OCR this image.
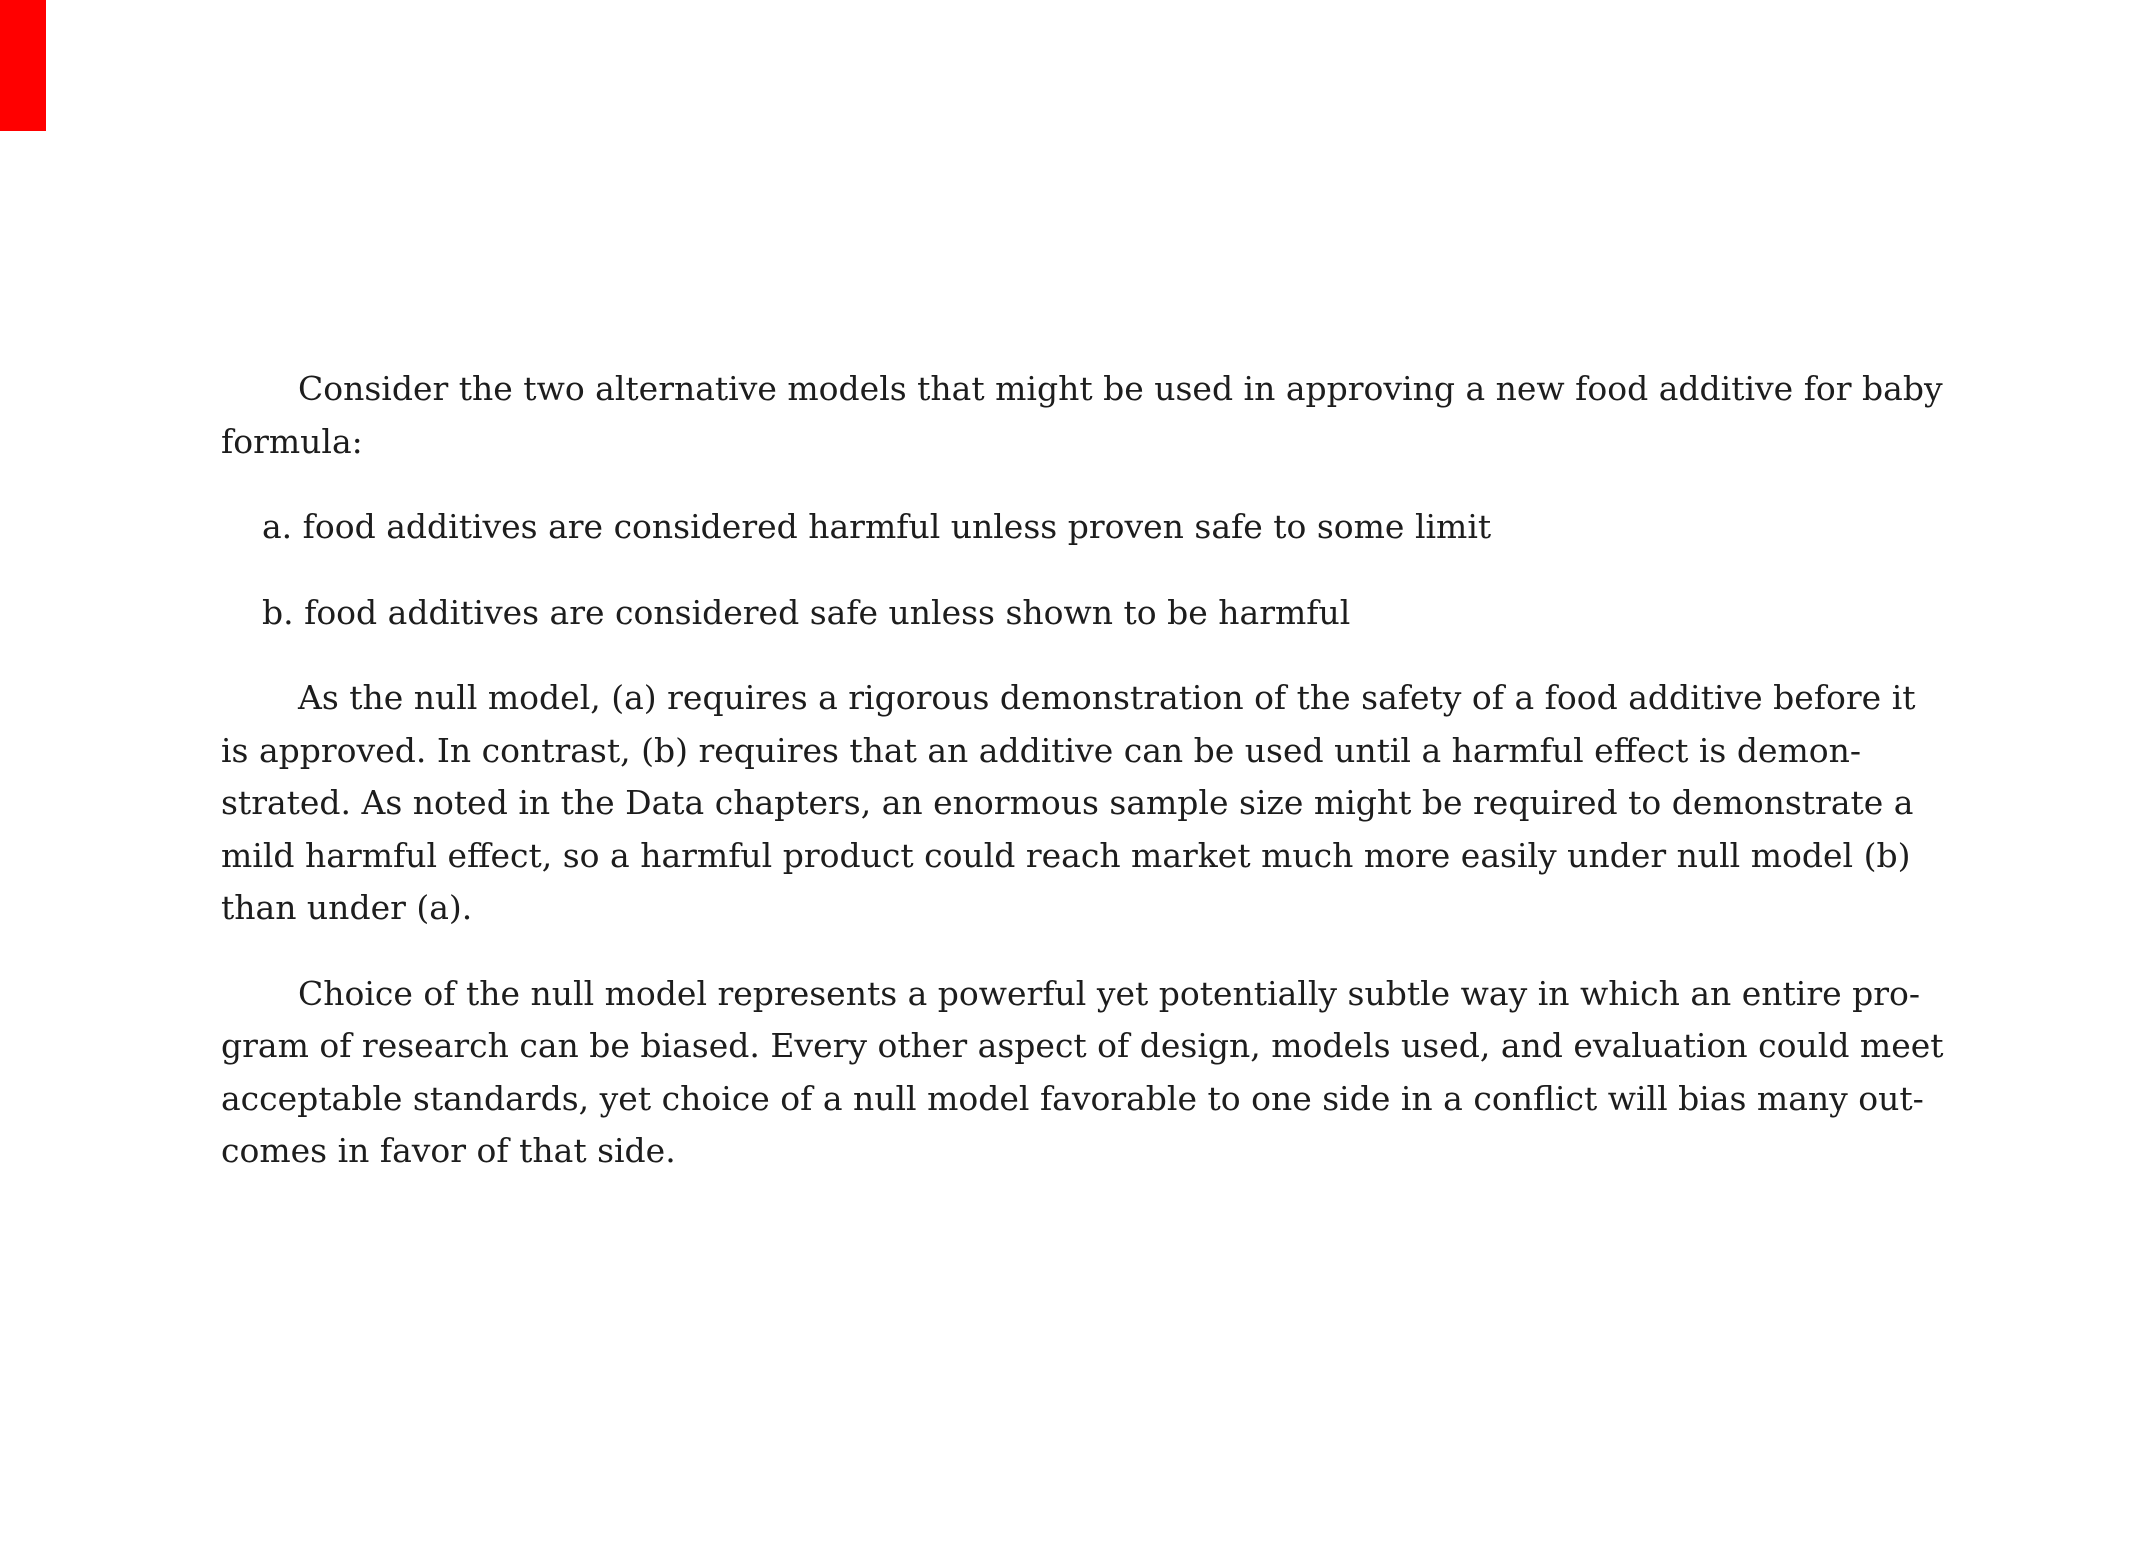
Consider the two alternative models that might be used in approving a new food additive for baby
formula:
a. food additives are considered harmful unless proven safe to some limit
b. food additives are considered safe unless shown to be harmful
As the null model, (a) requires a rigorous demonstration of the safety of a food additive before it
is approved. In contrast, (b) requires that an additive can be used until a harmful effect is demon-
strated. As noted in the Data chapters, an enormous sample size might be required to demonstrate a
mild harmful effect, so a harmful product could reach market much more easily under null model (b)
than under (a).
Choice of the null model represents a powerful yet potentially subtle way in which an entire pro-
gram of research can be biased. Every other aspect of design, models used, and evaluation could meet
acceptable standards, yet choice of a null model favorable to one side in a conflict will bias many out-
comes in favor of that side.
